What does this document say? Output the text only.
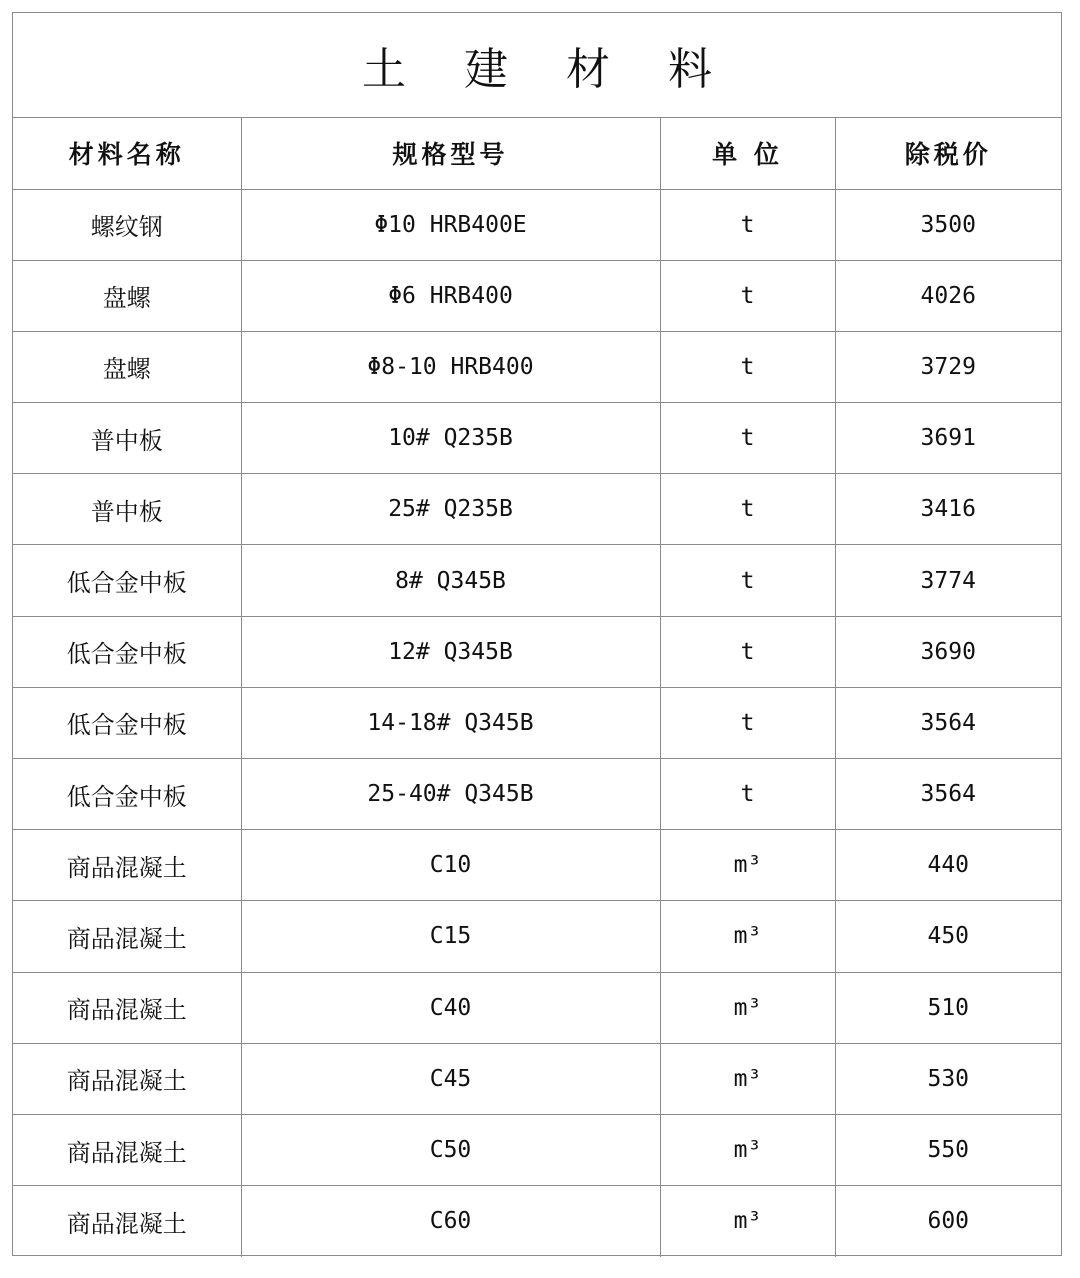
土 建 材 料
材料名称	规格型号	单 位	除税价
螺纹钢	Φ10 HRB400E	t	3500
盘螺	Φ6 HRB400	t	4026
盘螺	Φ8-10 HRB400	t	3729
普中板	10# Q235B	t	3691
普中板	25# Q235B	t	3416
低合金中板	8# Q345B	t	3774
低合金中板	12# Q345B	t	3690
低合金中板	14-18# Q345B	t	3564
低合金中板	25-40# Q345B	t	3564
商品混凝土	C10	m³	440
商品混凝土	C15	m³	450
商品混凝土	C40	m³	510
商品混凝土	C45	m³	530
商品混凝土	C50	m³	550
商品混凝土	C60	m³	600
